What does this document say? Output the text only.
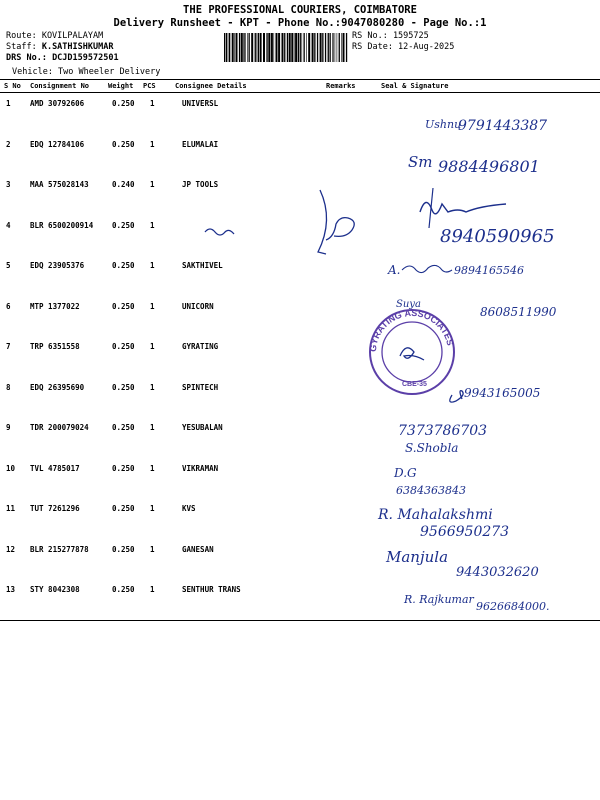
THE PROFESSIONAL COURIERS, COIMBATORE
Delivery Runsheet - KPT - Phone No.:9047080280 - Page No.:1
Route: KOVILPALAYAM
Staff: K.SATHISHKUMAR
DRS No.: DCJD159572501
RS No.: 1595725
RS Date: 12-Aug-2025
Vehicle: Two Wheeler Delivery
S No Consignment No	Weight PCS	Consignee Details	Remarks	Seal & Signature
1	AMD 30792606	0.250 1	UNIVERSL
2	EDQ 12784106	0.250 1	ELUMALAI
3	MAA 575028143	0.240 1	JP TOOLS
4	BLR 6500200914	0.250 1
5	EDQ 23905376	0.250 1	SAKTHIVEL
6	MTP 1377022	0.250 1	UNICORN
7	TRP 6351558	0.250 1	GYRATING
8	EDQ 26395690	0.250 1	SPINTECH
9	TDR 200079024	0.250 1	YESUBALAN
10 TVL 4785017	0.250 1	VIKRAMAN
11 TUT 7261296	0.250 1	KVS
12 BLR 215277878	0.250 1	GANESAN
13 STY 8042308	0.250 1	SENTHUR TRANS
Ushnu
9791443387
Sm 9884496801
8940590965
A.	9894165546
Suya
8608511990
GYRATING ASSOCIATES
CBE-35
9943165005
7373786703
S.Shobla
D.G
6384363843
R. Mahalakshmi
9566950273
Manjula
9443032620
R. Rajkumar
9626684000.
